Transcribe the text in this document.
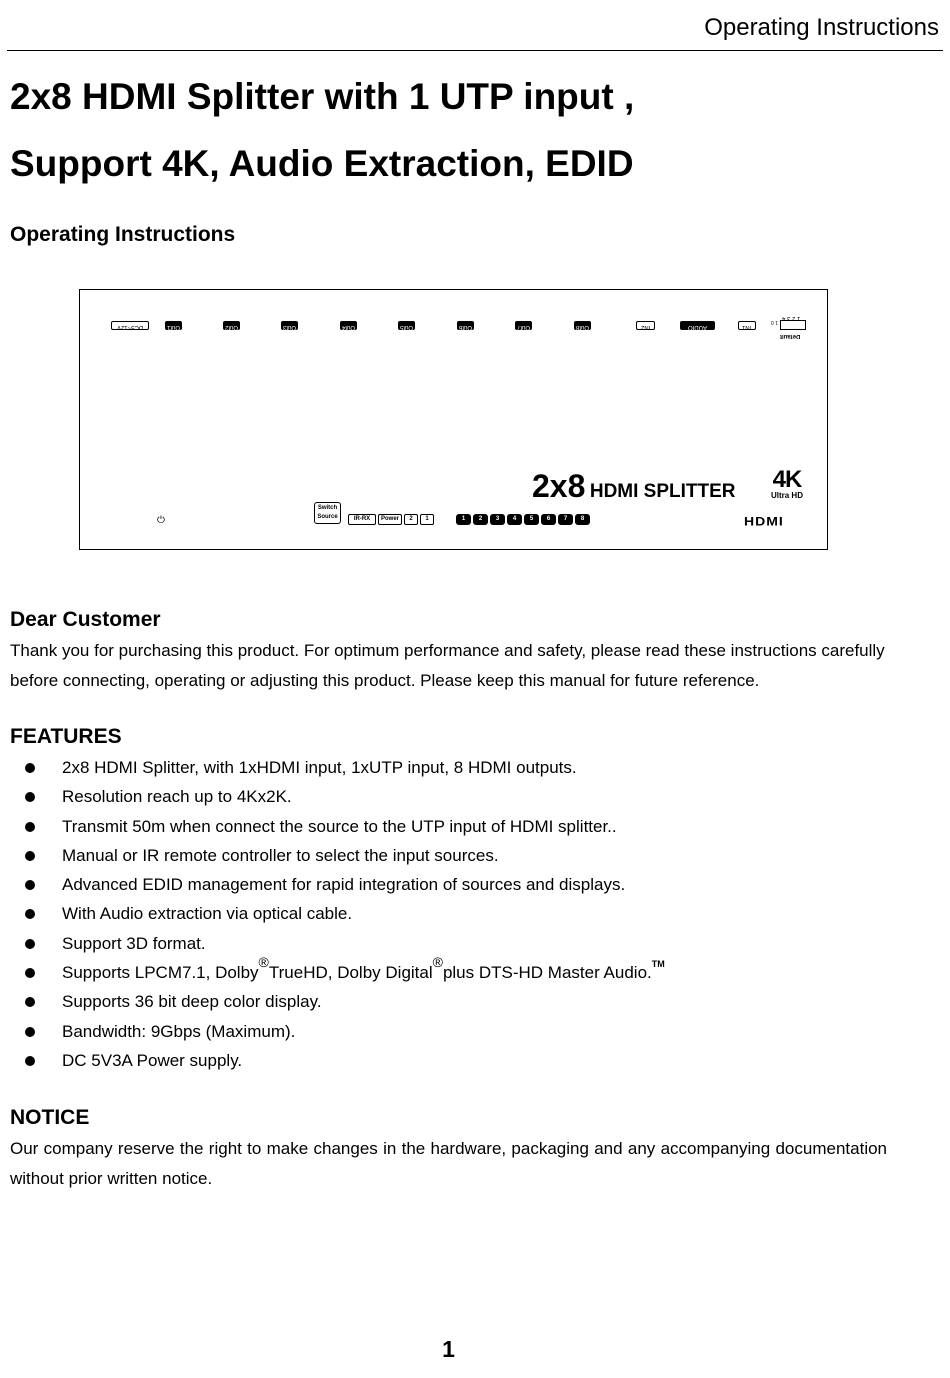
Operating Instructions
2x8 HDMI Splitter with 1 UTP input ,
Support 4K, Audio Extraction, EDID
Operating Instructions
DC5~12V	Out1	Out2	Out3	Out4	Out5	Out6	Out7	Out8	IN2	AUDIO	IN1
1 2 3 4
1 0
Default
2x8 HDMI SPLITTER 4K
Ultra HD
HDMI
⏻
Switch
Source	IR-RX	Power	2	1	1	2	3	4	5	6	7	8
Dear Customer
Thank you for purchasing this product. For optimum performance and safety, please read these instructions carefully before connecting, operating or adjusting this product. Please keep this manual for future reference.
FEATURES
2x8 HDMI Splitter, with 1xHDMI input, 1xUTP input, 8 HDMI outputs.
Resolution reach up to 4Kx2K.
Transmit 50m when connect the source to the UTP input of HDMI splitter..
Manual or IR remote controller to select the input sources.
Advanced EDID management for rapid integration of sources and displays.
With Audio extraction via optical cable.
Support 3D format.
Supports LPCM7.1, Dolby®TrueHD, Dolby Digital®plus DTS-HD Master Audio.™
Supports 36 bit deep color display.
Bandwidth: 9Gbps (Maximum).
DC 5V3A Power supply.
NOTICE
Our company reserve the right to make changes in the hardware, packaging and any accompanying documentation without prior written notice.
1
